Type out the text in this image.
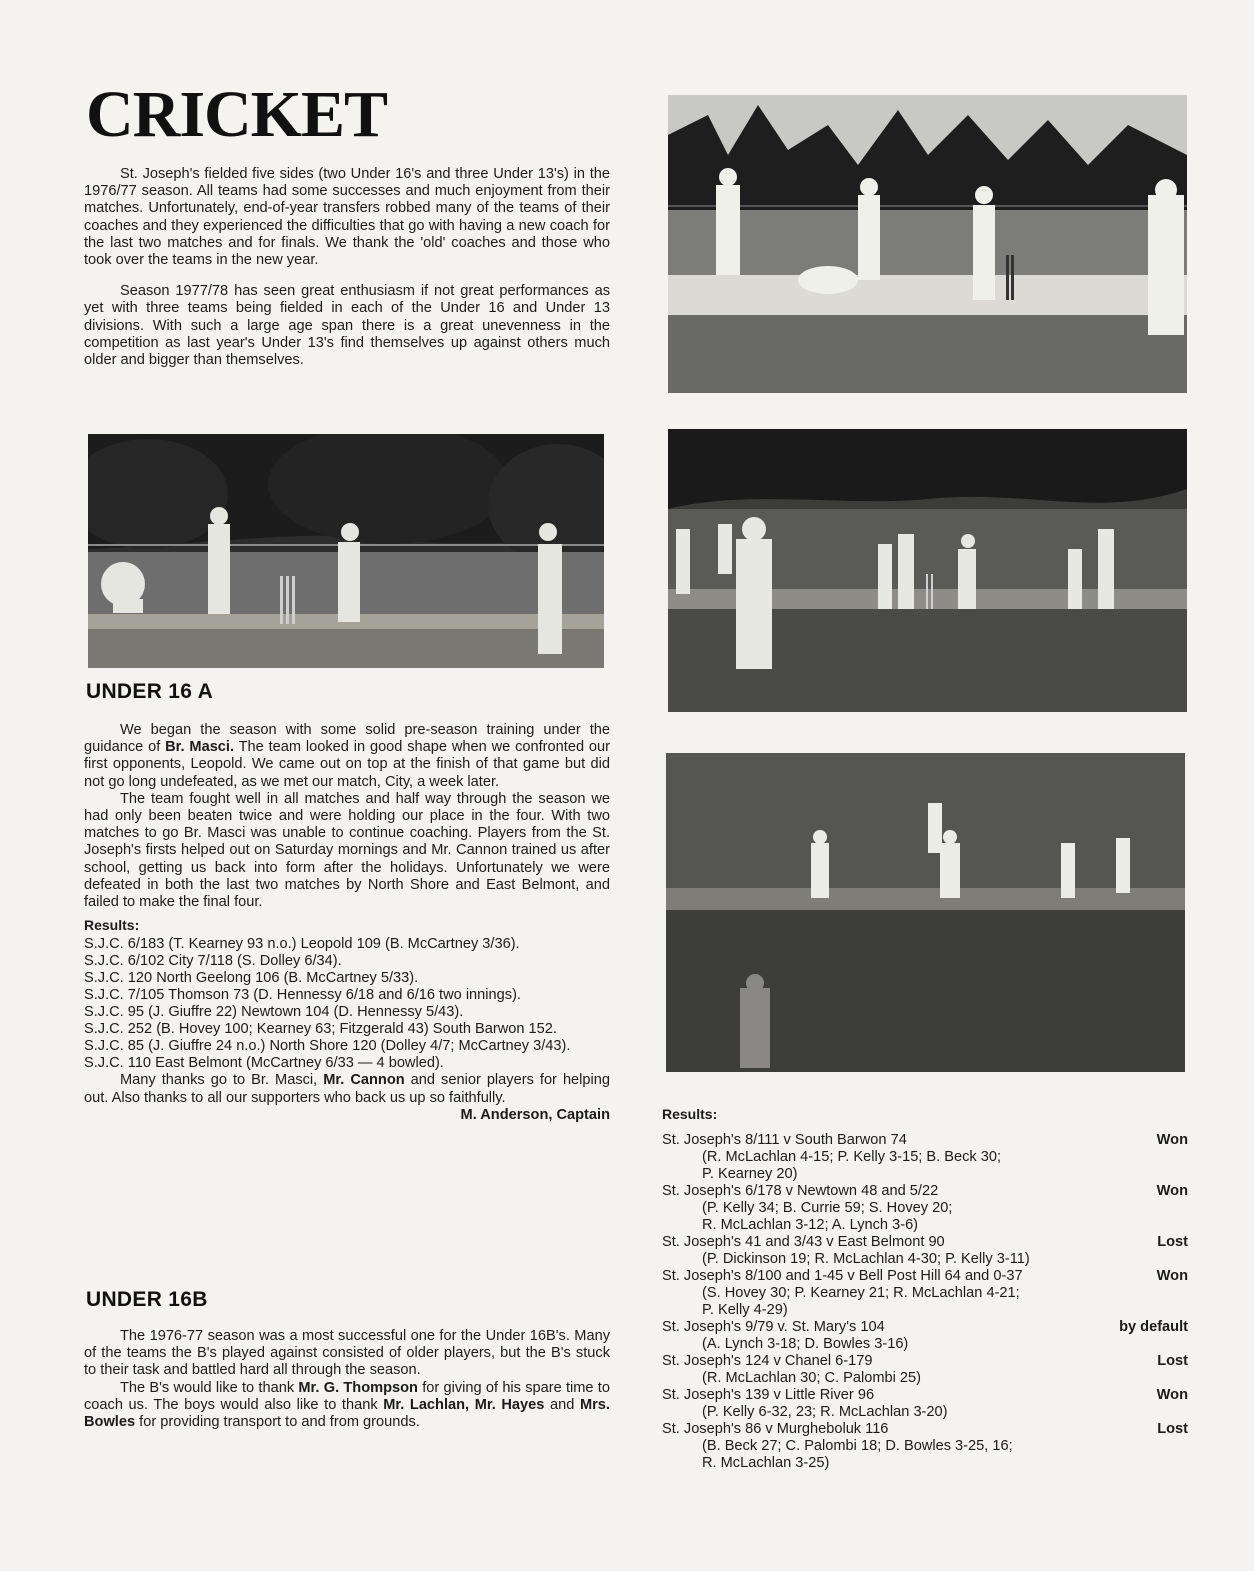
CRICKET

St. Joseph's fielded five sides (two Under 16's and three Under 13's) in the 1976/77 season. All teams had some successes and much enjoyment from their matches. Unfortunately, end-of-year transfers robbed many of the teams of their coaches and they experienced the difficulties that go with having a new coach for the last two matches and for finals. We thank the 'old' coaches and those who took over the teams in the new year.

Season 1977/78 has seen great enthusiasm if not great performances as yet with three teams being fielded in each of the Under 16 and Under 13 divisions. With such a large age span there is a great unevenness in the competition as last year's Under 13's find themselves up against others much older and bigger than themselves.

UNDER 16 A

We began the season with some solid pre-season training under the guidance of Br. Masci. The team looked in good shape when we confronted our first opponents, Leopold. We came out on top at the finish of that game but did not go long undefeated, as we met our match, City, a week later.

The team fought well in all matches and half way through the season we had only been beaten twice and were holding our place in the four. With two matches to go Br. Masci was unable to continue coaching. Players from the St. Joseph's firsts helped out on Saturday mornings and Mr. Cannon trained us after school, getting us back into form after the holidays. Unfortunately we were defeated in both the last two matches by North Shore and East Belmont, and failed to make the final four.

Results:

S.J.C. 6/183 (T. Kearney 93 n.o.) Leopold 109 (B. McCartney 3/36).
S.J.C. 6/102 City 7/118 (S. Dolley 6/34).
S.J.C. 120 North Geelong 106 (B. McCartney 5/33).
S.J.C. 7/105 Thomson 73 (D. Hennessy 6/18 and 6/16 two innings).
S.J.C. 95 (J. Giuffre 22) Newtown 104 (D. Hennessy 5/43).
S.J.C. 252 (B. Hovey 100; Kearney 63; Fitzgerald 43) South Barwon 152.
S.J.C. 85 (J. Giuffre 24 n.o.) North Shore 120 (Dolley 4/7; McCartney 3/43).
S.J.C. 110 East Belmont (McCartney 6/33 — 4 bowled).

Many thanks go to Br. Masci, Mr. Cannon and senior players for helping out. Also thanks to all our supporters who back us up so faithfully.

M. Anderson, Captain

UNDER 16B

The 1976-77 season was a most successful one for the Under 16B's. Many of the teams the B's played against consisted of older players, but the B's stuck to their task and battled hard all through the season.

The B's would like to thank Mr. G. Thompson for giving of his spare time to coach us. The boys would also like to thank Mr. Lachlan, Mr. Hayes and Mrs. Bowles for providing transport to and from grounds.

Results:

St. Joseph's 8/111 v South Barwon 74	Won
(R. McLachlan 4-15; P. Kelly 3-15; B. Beck 30;
P. Kearney 20)
St. Joseph's 6/178 v Newtown 48 and 5/22	Won
(P. Kelly 34; B. Currie 59; S. Hovey 20;
R. McLachlan 3-12; A. Lynch 3-6)
St. Joseph's 41 and 3/43 v East Belmont 90	Lost
(P. Dickinson 19; R. McLachlan 4-30; P. Kelly 3-11)
St. Joseph's 8/100 and 1-45 v Bell Post Hill 64 and 0-37	Won
(S. Hovey 30; P. Kearney 21; R. McLachlan 4-21;
P. Kelly 4-29)
St. Joseph's 9/79 v. St. Mary's 104	by default
(A. Lynch 3-18; D. Bowles 3-16)
St. Joseph's 124 v Chanel 6-179	Lost
(R. McLachlan 30; C. Palombi 25)
St. Joseph's 139 v Little River 96	Won
(P. Kelly 6-32, 23; R. McLachlan 3-20)
St. Joseph's 86 v Murgheboluk 116	Lost
(B. Beck 27; C. Palombi 18; D. Bowles 3-25, 16;
R. McLachlan 3-25)
